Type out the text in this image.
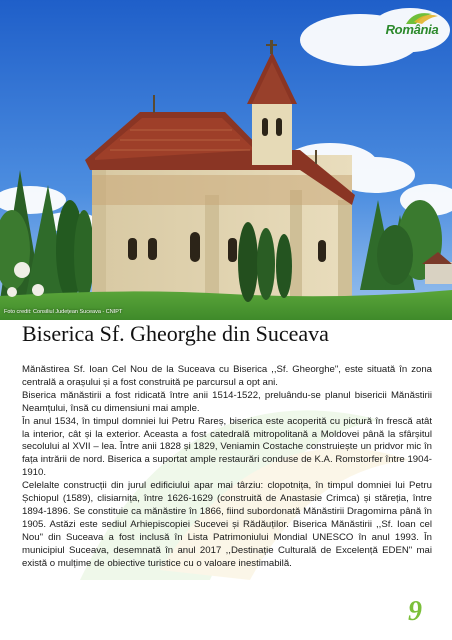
Foto credit: Consiliul Județean Suceava - CNIPT
România
Biserica Sf. Gheorghe din Suceava

Mănăstirea Sf. Ioan Cel Nou de la Suceava cu Biserica ,,Sf. Gheorghe", este situată în zona centrală a orașului și a fost construită pe parcursul a opt ani.

Biserica mănăstirii a fost ridicată între anii 1514-1522, preluându-se planul bisericii Mănăstirii Neamțului, însă cu dimensiuni mai ample.

În anul 1534, în timpul domniei lui Petru Rareș, biserica este acoperită cu pictură în frescă atât la interior, cât și la exterior. Aceasta a fost catedrală mitropolitană a Moldovei până la sfârșitul secolului al XVII – lea. Între anii 1828 și 1829, Veniamin Costache construiește un pridvor mic în fața intrării de nord. Biserica a suportat ample restaurări conduse de K.A. Romstorfer între 1904-1910.

Celelalte construcții din jurul edificiului apar mai târziu: clopotnița, în timpul domniei lui Petru Șchiopul (1589), clisiarnița, între 1626-1629 (construită de Anastasie Crimca) și stăreția, între 1894-1896. Se constituie ca mănăstire în 1866, fiind subordonată Mănăstirii Dragomirna până în 1905. Astăzi este sediul Arhiepiscopiei Sucevei și Rădăuților. Biserica Mănăstirii ,,Sf. Ioan cel Nou" din Suceava a fost inclusă în Lista Patrimoniului Mondial UNESCO în anul 1993. În municipiul Suceava, desemnată în anul 2017 ,,Destinație Culturală de Excelență EDEN" mai există o mulțime de obiective turistice cu o valoare inestimabilă.

9
